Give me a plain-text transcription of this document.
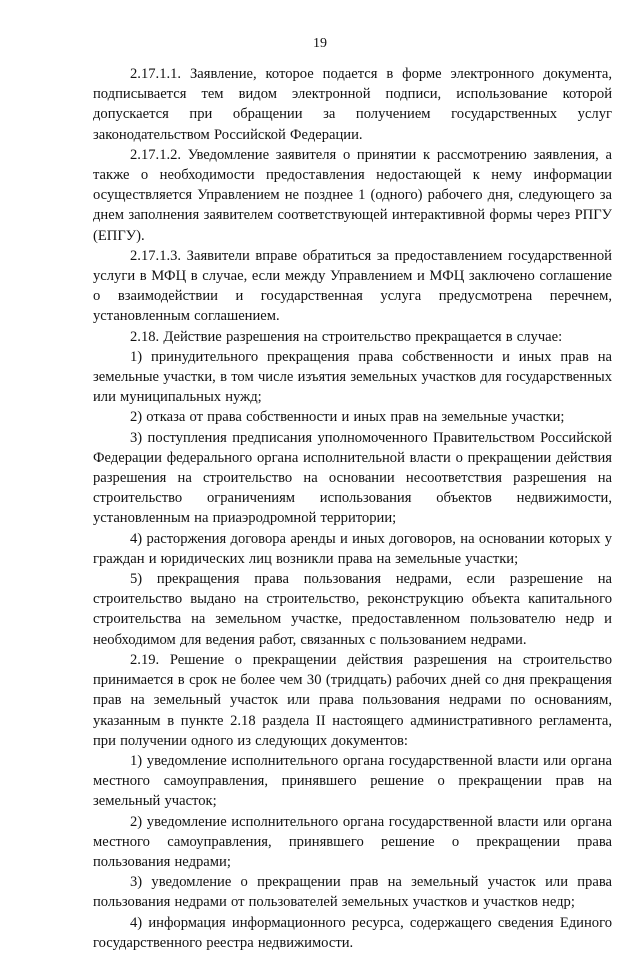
19

2.17.1.1. Заявление, которое подается в форме электронного документа, подписывается тем видом электронной подписи, использование которой допускается при обращении за получением государственных услуг законодательством Российской Федерации.

2.17.1.2. Уведомление заявителя о принятии к рассмотрению заявления, а также о необходимости предоставления недостающей к нему информации осуществляется Управлением не позднее 1 (одного) рабочего дня, следующего за днем заполнения заявителем соответствующей интерактивной формы через РПГУ (ЕПГУ).

2.17.1.3. Заявители вправе обратиться за предоставлением государственной услуги в МФЦ в случае, если между Управлением и МФЦ заключено соглашение о взаимодействии и государственная услуга предусмотрена перечнем, установленным соглашением.

2.18. Действие разрешения на строительство прекращается в случае:

1) принудительного прекращения права собственности и иных прав на земельные участки, в том числе изъятия земельных участков для государственных или муниципальных нужд;

2) отказа от права собственности и иных прав на земельные участки;

3) поступления предписания уполномоченного Правительством Российской Федерации федерального органа исполнительной власти о прекращении действия разрешения на строительство на основании несоответствия разрешения на строительство ограничениям использования объектов недвижимости, установленным на приаэродромной территории;

4) расторжения договора аренды и иных договоров, на основании которых у граждан и юридических лиц возникли права на земельные участки;

5) прекращения права пользования недрами, если разрешение на строительство выдано на строительство, реконструкцию объекта капитального строительства на земельном участке, предоставленном пользователю недр и необходимом для ведения работ, связанных с пользованием недрами.

2.19. Решение о прекращении действия разрешения на строительство принимается в срок не более чем 30 (тридцать) рабочих дней со дня прекращения прав на земельный участок или права пользования недрами по основаниям, указанным в пункте 2.18 раздела II настоящего административного регламента, при получении одного из следующих документов:

1) уведомление исполнительного органа государственной власти или органа местного самоуправления, принявшего решение о прекращении прав на земельный участок;

2) уведомление исполнительного органа государственной власти или органа местного самоуправления, принявшего решение о прекращении права пользования недрами;

3) уведомление о прекращении прав на земельный участок или права пользования недрами от пользователей земельных участков и участков недр;

4) информация информационного ресурса, содержащего сведения Единого государственного реестра недвижимости.
